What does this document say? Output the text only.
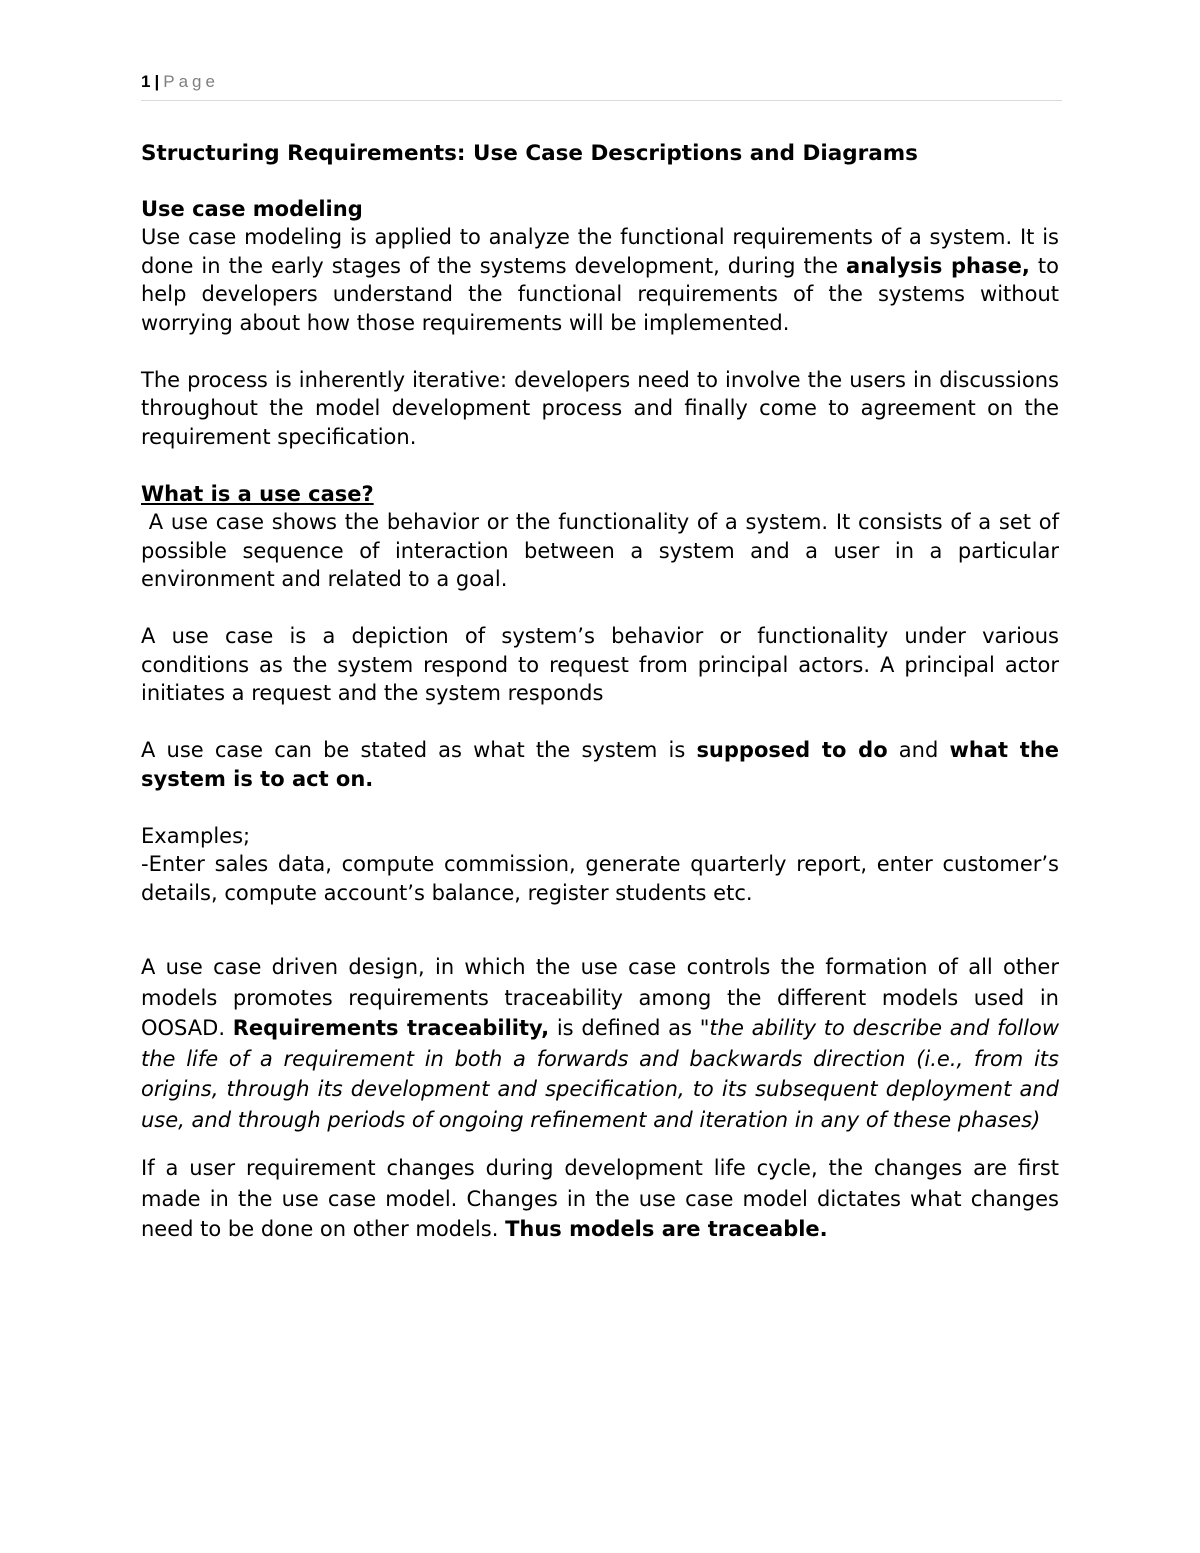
1 | Page

Structuring Requirements: Use Case Descriptions and Diagrams

Use case modeling

Use case modeling is applied to analyze the functional requirements of a system. It is done in the early stages of the systems development, during the analysis phase, to help developers understand the functional requirements of the systems without worrying about how those requirements will be implemented.

The process is inherently iterative: developers need to involve the users in discussions throughout the model development process and finally come to agreement on the requirement specification.

What is a use case?

A use case shows the behavior or the functionality of a system. It consists of a set of possible sequence of interaction between a system and a user in a particular environment and related to a goal.

A use case is a depiction of system’s behavior or functionality under various conditions as the system respond to request from principal actors. A principal actor initiates a request and the system responds

A use case can be stated as what the system is supposed to do and what the system is to act on.

Examples;

-Enter sales data, compute commission, generate quarterly report, enter customer’s details, compute account’s balance, register students etc.

A use case driven design, in which the use case controls the formation of all other models promotes requirements traceability among the different models used in OOSAD. Requirements traceability, is defined as "the ability to describe and follow the life of a requirement in both a forwards and backwards direction (i.e., from its origins, through its development and specification, to its subsequent deployment and use, and through periods of ongoing refinement and iteration in any of these phases)

If a user requirement changes during development life cycle, the changes are first made in the use case model. Changes in the use case model dictates what changes need to be done on other models. Thus models are traceable.
